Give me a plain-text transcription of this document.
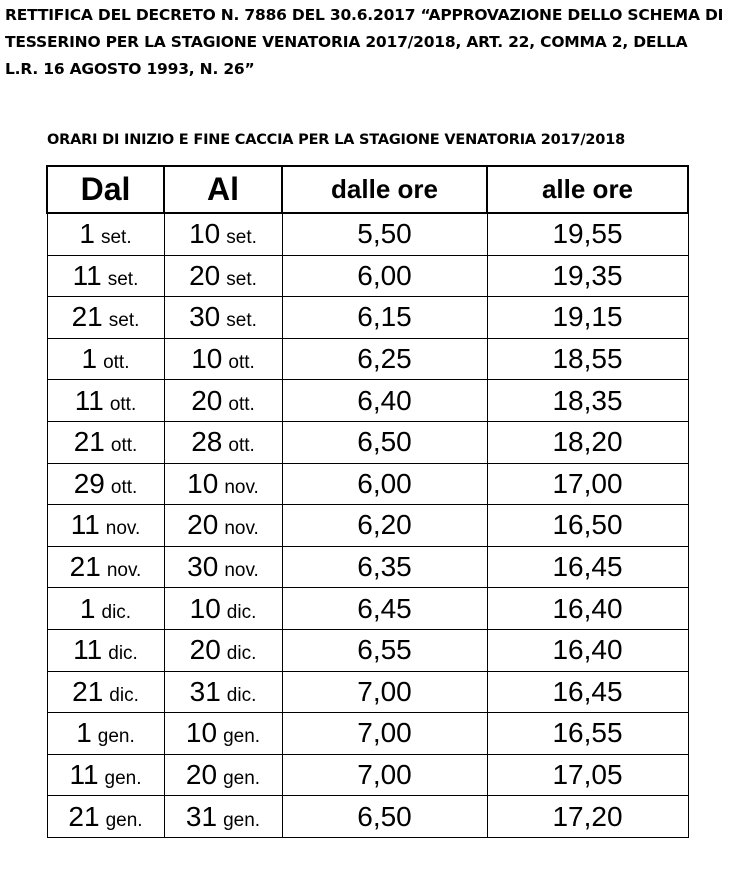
RETTIFICA DEL DECRETO N. 7886 DEL 30.6.2017 “APPROVAZIONE DELLO SCHEMA DI
TESSERINO PER LA STAGIONE VENATORIA 2017/2018, ART. 22, COMMA 2, DELLA
L.R. 16 AGOSTO 1993, N. 26”
ORARI DI INIZIO E FINE CACCIA PER LA STAGIONE VENATORIA 2017/2018
Dal	Al	dalle ore	alle ore
1 set.	10 set.	5,50	19,55
11 set.	20 set.	6,00	19,35
21 set.	30 set.	6,15	19,15
1 ott.	10 ott.	6,25	18,55
11 ott.	20 ott.	6,40	18,35
21 ott.	28 ott.	6,50	18,20
29 ott.	10 nov.	6,00	17,00
11 nov.	20 nov.	6,20	16,50
21 nov.	30 nov.	6,35	16,45
1 dic.	10 dic.	6,45	16,40
11 dic.	20 dic.	6,55	16,40
21 dic.	31 dic.	7,00	16,45
1 gen.	10 gen.	7,00	16,55
11 gen.	20 gen.	7,00	17,05
21 gen.	31 gen.	6,50	17,20
